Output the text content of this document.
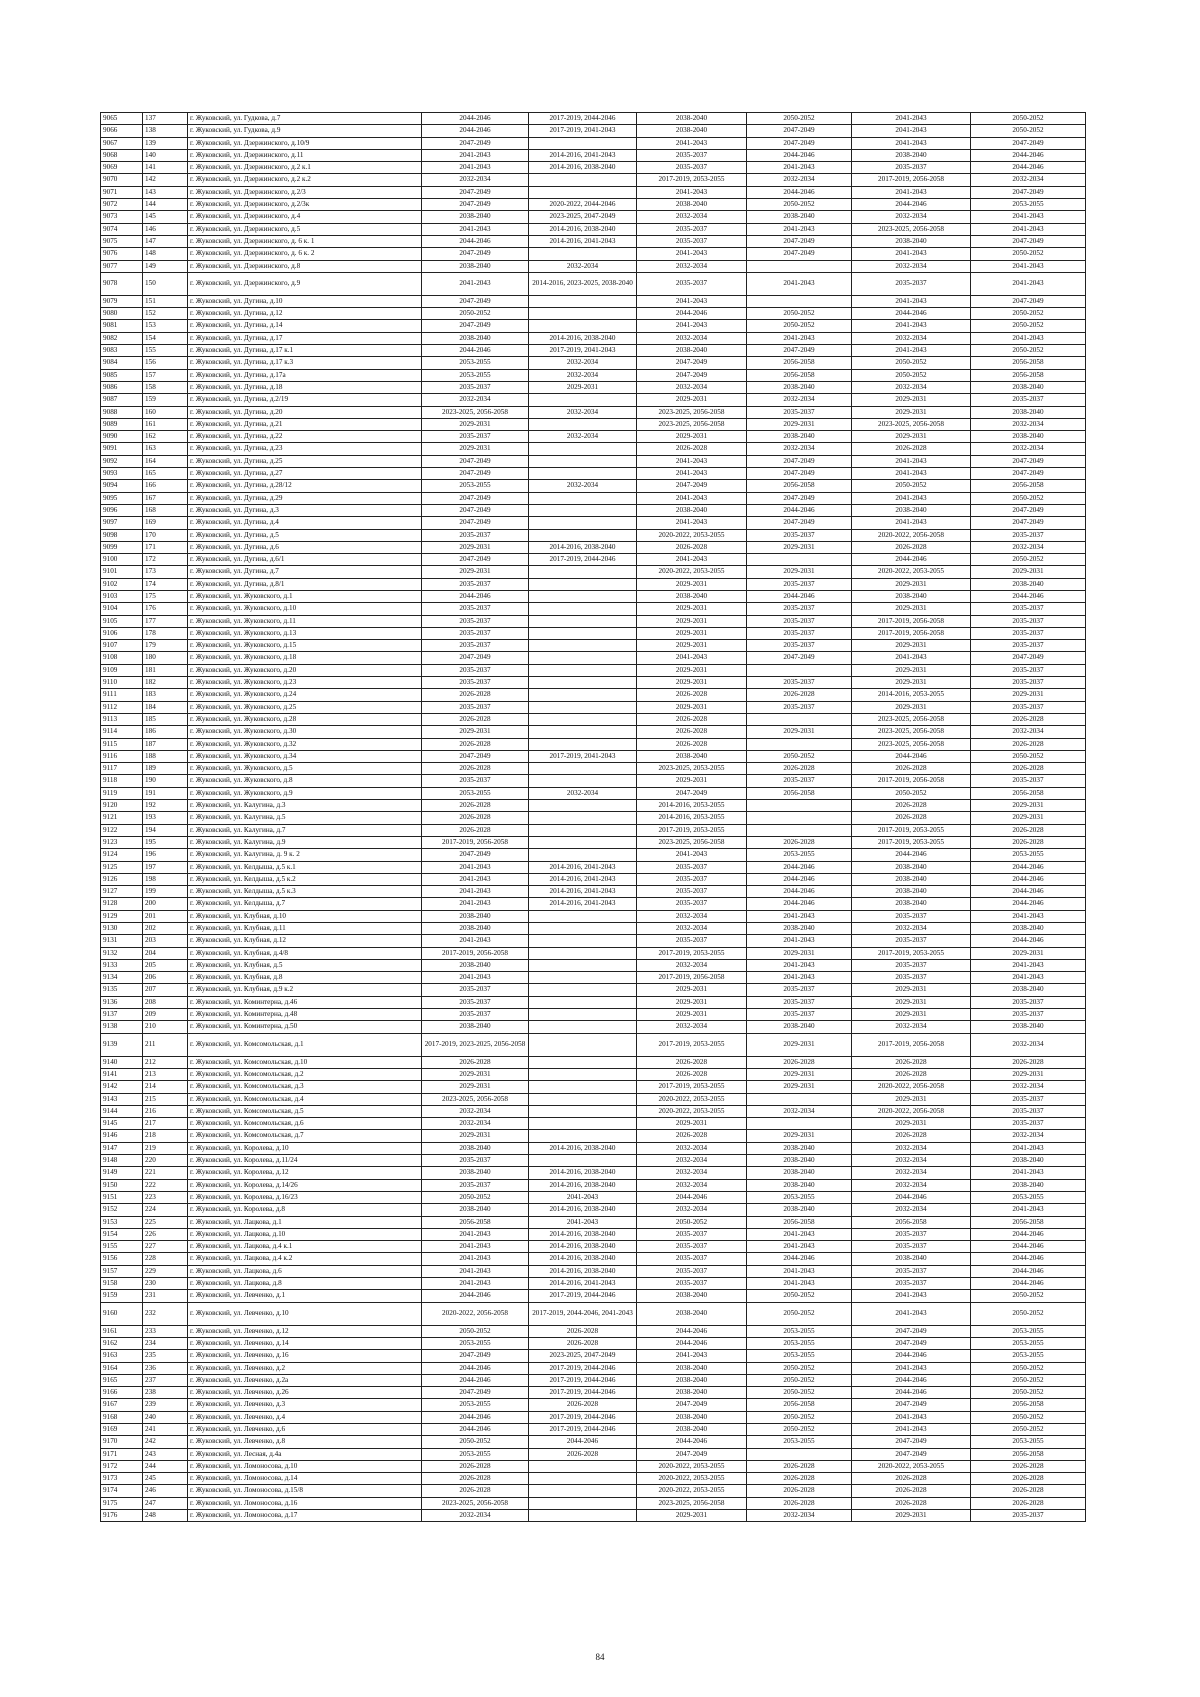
9065	137	г. Жуковский, ул. Гудкова, д.7	2044-2046	2017-2019, 2044-2046	2038-2040	2050-2052	2041-2043	2050-2052
9066	138	г. Жуковский, ул. Гудкова, д.9	2044-2046	2017-2019, 2041-2043	2038-2040	2047-2049	2041-2043	2050-2052
9067	139	г. Жуковский, ул. Дзержинского, д.10/9	2047-2049		2041-2043	2047-2049	2041-2043	2047-2049
9068	140	г. Жуковский, ул. Дзержинского, д.11	2041-2043	2014-2016, 2041-2043	2035-2037	2044-2046	2038-2040	2044-2046
9069	141	г. Жуковский, ул. Дзержинского, д.2 к.1	2041-2043	2014-2016, 2038-2040	2035-2037	2041-2043	2035-2037	2044-2046
9070	142	г. Жуковский, ул. Дзержинского, д.2 к.2	2032-2034		2017-2019, 2053-2055	2032-2034	2017-2019, 2056-2058	2032-2034
9071	143	г. Жуковский, ул. Дзержинского, д.2/3	2047-2049		2041-2043	2044-2046	2041-2043	2047-2049
9072	144	г. Жуковский, ул. Дзержинского, д.2/3к	2047-2049	2020-2022, 2044-2046	2038-2040	2050-2052	2044-2046	2053-2055
9073	145	г. Жуковский, ул. Дзержинского, д.4	2038-2040	2023-2025, 2047-2049	2032-2034	2038-2040	2032-2034	2041-2043
9074	146	г. Жуковский, ул. Дзержинского, д.5	2041-2043	2014-2016, 2038-2040	2035-2037	2041-2043	2023-2025, 2056-2058	2041-2043
9075	147	г. Жуковский, ул. Дзержинского, д. 6 к. 1	2044-2046	2014-2016, 2041-2043	2035-2037	2047-2049	2038-2040	2047-2049
9076	148	г. Жуковский, ул. Дзержинского, д. 6 к. 2	2047-2049		2041-2043	2047-2049	2041-2043	2050-2052
9077	149	г. Жуковский, ул. Дзержинского, д.8	2038-2040	2032-2034	2032-2034		2032-2034	2041-2043
9078	150	г. Жуковский, ул. Дзержинского, д.9	2041-2043	2014-2016, 2023-2025, 2038-2040	2035-2037	2041-2043	2035-2037	2041-2043
9079	151	г. Жуковский, ул. Дугина, д.10	2047-2049		2041-2043		2041-2043	2047-2049
9080	152	г. Жуковский, ул. Дугина, д.12	2050-2052		2044-2046	2050-2052	2044-2046	2050-2052
9081	153	г. Жуковский, ул. Дугина, д.14	2047-2049		2041-2043	2050-2052	2041-2043	2050-2052
9082	154	г. Жуковский, ул. Дугина, д.17	2038-2040	2014-2016, 2038-2040	2032-2034	2041-2043	2032-2034	2041-2043
9083	155	г. Жуковский, ул. Дугина, д.17 к.1	2044-2046	2017-2019, 2041-2043	2038-2040	2047-2049	2041-2043	2050-2052
9084	156	г. Жуковский, ул. Дугина, д.17 к.3	2053-2055	2032-2034	2047-2049	2056-2058	2050-2052	2056-2058
9085	157	г. Жуковский, ул. Дугина, д.17а	2053-2055	2032-2034	2047-2049	2056-2058	2050-2052	2056-2058
9086	158	г. Жуковский, ул. Дугина, д.18	2035-2037	2029-2031	2032-2034	2038-2040	2032-2034	2038-2040
9087	159	г. Жуковский, ул. Дугина, д.2/19	2032-2034		2029-2031	2032-2034	2029-2031	2035-2037
9088	160	г. Жуковский, ул. Дугина, д.20	2023-2025, 2056-2058	2032-2034	2023-2025, 2056-2058	2035-2037	2029-2031	2038-2040
9089	161	г. Жуковский, ул. Дугина, д.21	2029-2031		2023-2025, 2056-2058	2029-2031	2023-2025, 2056-2058	2032-2034
9090	162	г. Жуковский, ул. Дугина, д.22	2035-2037	2032-2034	2029-2031	2038-2040	2029-2031	2038-2040
9091	163	г. Жуковский, ул. Дугина, д.23	2029-2031		2026-2028	2032-2034	2026-2028	2032-2034
9092	164	г. Жуковский, ул. Дугина, д.25	2047-2049		2041-2043	2047-2049	2041-2043	2047-2049
9093	165	г. Жуковский, ул. Дугина, д.27	2047-2049		2041-2043	2047-2049	2041-2043	2047-2049
9094	166	г. Жуковский, ул. Дугина, д.28/12	2053-2055	2032-2034	2047-2049	2056-2058	2050-2052	2056-2058
9095	167	г. Жуковский, ул. Дугина, д.29	2047-2049		2041-2043	2047-2049	2041-2043	2050-2052
9096	168	г. Жуковский, ул. Дугина, д.3	2047-2049		2038-2040	2044-2046	2038-2040	2047-2049
9097	169	г. Жуковский, ул. Дугина, д.4	2047-2049		2041-2043	2047-2049	2041-2043	2047-2049
9098	170	г. Жуковский, ул. Дугина, д.5	2035-2037		2020-2022, 2053-2055	2035-2037	2020-2022, 2056-2058	2035-2037
9099	171	г. Жуковский, ул. Дугина, д.6	2029-2031	2014-2016, 2038-2040	2026-2028	2029-2031	2026-2028	2032-2034
9100	172	г. Жуковский, ул. Дугина, д.6/1	2047-2049	2017-2019, 2044-2046	2041-2043		2044-2046	2050-2052
9101	173	г. Жуковский, ул. Дугина, д.7	2029-2031		2020-2022, 2053-2055	2029-2031	2020-2022, 2053-2055	2029-2031
9102	174	г. Жуковский, ул. Дугина, д.8/1	2035-2037		2029-2031	2035-2037	2029-2031	2038-2040
9103	175	г. Жуковский, ул. Жуковского, д.1	2044-2046		2038-2040	2044-2046	2038-2040	2044-2046
9104	176	г. Жуковский, ул. Жуковского, д.10	2035-2037		2029-2031	2035-2037	2029-2031	2035-2037
9105	177	г. Жуковский, ул. Жуковского, д.11	2035-2037		2029-2031	2035-2037	2017-2019, 2056-2058	2035-2037
9106	178	г. Жуковский, ул. Жуковского, д.13	2035-2037		2029-2031	2035-2037	2017-2019, 2056-2058	2035-2037
9107	179	г. Жуковский, ул. Жуковского, д.15	2035-2037		2029-2031	2035-2037	2029-2031	2035-2037
9108	180	г. Жуковский, ул. Жуковского, д.18	2047-2049		2041-2043	2047-2049	2041-2043	2047-2049
9109	181	г. Жуковский, ул. Жуковского, д.20	2035-2037		2029-2031		2029-2031	2035-2037
9110	182	г. Жуковский, ул. Жуковского, д.23	2035-2037		2029-2031	2035-2037	2029-2031	2035-2037
9111	183	г. Жуковский, ул. Жуковского, д.24	2026-2028		2026-2028	2026-2028	2014-2016, 2053-2055	2029-2031
9112	184	г. Жуковский, ул. Жуковского, д.25	2035-2037		2029-2031	2035-2037	2029-2031	2035-2037
9113	185	г. Жуковский, ул. Жуковского, д.28	2026-2028		2026-2028		2023-2025, 2056-2058	2026-2028
9114	186	г. Жуковский, ул. Жуковского, д.30	2029-2031		2026-2028	2029-2031	2023-2025, 2056-2058	2032-2034
9115	187	г. Жуковский, ул. Жуковского, д.32	2026-2028		2026-2028		2023-2025, 2056-2058	2026-2028
9116	188	г. Жуковский, ул. Жуковского, д.34	2047-2049	2017-2019, 2041-2043	2038-2040	2050-2052	2044-2046	2050-2052
9117	189	г. Жуковский, ул. Жуковского, д.5	2026-2028		2023-2025, 2053-2055	2026-2028	2026-2028	2026-2028
9118	190	г. Жуковский, ул. Жуковского, д.8	2035-2037		2029-2031	2035-2037	2017-2019, 2056-2058	2035-2037
9119	191	г. Жуковский, ул. Жуковского, д.9	2053-2055	2032-2034	2047-2049	2056-2058	2050-2052	2056-2058
9120	192	г. Жуковский, ул. Калугина, д.3	2026-2028		2014-2016, 2053-2055		2026-2028	2029-2031
9121	193	г. Жуковский, ул. Калугина, д.5	2026-2028		2014-2016, 2053-2055		2026-2028	2029-2031
9122	194	г. Жуковский, ул. Калугина, д.7	2026-2028		2017-2019, 2053-2055		2017-2019, 2053-2055	2026-2028
9123	195	г. Жуковский, ул. Калугина, д.9	2017-2019, 2056-2058		2023-2025, 2056-2058	2026-2028	2017-2019, 2053-2055	2026-2028
9124	196	г. Жуковский, ул. Калугина, д. 9 к. 2	2047-2049		2041-2043	2053-2055	2044-2046	2053-2055
9125	197	г. Жуковский, ул. Келдыша, д.5 к.1	2041-2043	2014-2016, 2041-2043	2035-2037	2044-2046	2038-2040	2044-2046
9126	198	г. Жуковский, ул. Келдыша, д.5 к.2	2041-2043	2014-2016, 2041-2043	2035-2037	2044-2046	2038-2040	2044-2046
9127	199	г. Жуковский, ул. Келдыша, д.5 к.3	2041-2043	2014-2016, 2041-2043	2035-2037	2044-2046	2038-2040	2044-2046
9128	200	г. Жуковский, ул. Келдыша, д.7	2041-2043	2014-2016, 2041-2043	2035-2037	2044-2046	2038-2040	2044-2046
9129	201	г. Жуковский, ул. Клубная, д.10	2038-2040		2032-2034	2041-2043	2035-2037	2041-2043
9130	202	г. Жуковский, ул. Клубная, д.11	2038-2040		2032-2034	2038-2040	2032-2034	2038-2040
9131	203	г. Жуковский, ул. Клубная, д.12	2041-2043		2035-2037	2041-2043	2035-2037	2044-2046
9132	204	г. Жуковский, ул. Клубная, д.4/8	2017-2019, 2056-2058		2017-2019, 2053-2055	2029-2031	2017-2019, 2053-2055	2029-2031
9133	205	г. Жуковский, ул. Клубная, д.5	2038-2040		2032-2034	2041-2043	2035-2037	2041-2043
9134	206	г. Жуковский, ул. Клубная, д.8	2041-2043		2017-2019, 2056-2058	2041-2043	2035-2037	2041-2043
9135	207	г. Жуковский, ул. Клубная, д.9 к.2	2035-2037		2029-2031	2035-2037	2029-2031	2038-2040
9136	208	г. Жуковский, ул. Коминтерна, д.46	2035-2037		2029-2031	2035-2037	2029-2031	2035-2037
9137	209	г. Жуковский, ул. Коминтерна, д.48	2035-2037		2029-2031	2035-2037	2029-2031	2035-2037
9138	210	г. Жуковский, ул. Коминтерна, д.50	2038-2040		2032-2034	2038-2040	2032-2034	2038-2040
9139	211	г. Жуковский, ул. Комсомольская, д.1	2017-2019, 2023-2025, 2056-2058		2017-2019, 2053-2055	2029-2031	2017-2019, 2056-2058	2032-2034
9140	212	г. Жуковский, ул. Комсомольская, д.10	2026-2028		2026-2028	2026-2028	2026-2028	2026-2028
9141	213	г. Жуковский, ул. Комсомольская, д.2	2029-2031		2026-2028	2029-2031	2026-2028	2029-2031
9142	214	г. Жуковский, ул. Комсомольская, д.3	2029-2031		2017-2019, 2053-2055	2029-2031	2020-2022, 2056-2058	2032-2034
9143	215	г. Жуковский, ул. Комсомольская, д.4	2023-2025, 2056-2058		2020-2022, 2053-2055		2029-2031	2035-2037
9144	216	г. Жуковский, ул. Комсомольская, д.5	2032-2034		2020-2022, 2053-2055	2032-2034	2020-2022, 2056-2058	2035-2037
9145	217	г. Жуковский, ул. Комсомольская, д.6	2032-2034		2029-2031		2029-2031	2035-2037
9146	218	г. Жуковский, ул. Комсомольская, д.7	2029-2031		2026-2028	2029-2031	2026-2028	2032-2034
9147	219	г. Жуковский, ул. Королева, д.10	2038-2040	2014-2016, 2038-2040	2032-2034	2038-2040	2032-2034	2041-2043
9148	220	г. Жуковский, ул. Королева, д.11/24	2035-2037		2032-2034	2038-2040	2032-2034	2038-2040
9149	221	г. Жуковский, ул. Королева, д.12	2038-2040	2014-2016, 2038-2040	2032-2034	2038-2040	2032-2034	2041-2043
9150	222	г. Жуковский, ул. Королева, д.14/26	2035-2037	2014-2016, 2038-2040	2032-2034	2038-2040	2032-2034	2038-2040
9151	223	г. Жуковский, ул. Королева, д.16/23	2050-2052	2041-2043	2044-2046	2053-2055	2044-2046	2053-2055
9152	224	г. Жуковский, ул. Королева, д.8	2038-2040	2014-2016, 2038-2040	2032-2034	2038-2040	2032-2034	2041-2043
9153	225	г. Жуковский, ул. Лацкова, д.1	2056-2058	2041-2043	2050-2052	2056-2058	2056-2058	2056-2058
9154	226	г. Жуковский, ул. Лацкова, д.10	2041-2043	2014-2016, 2038-2040	2035-2037	2041-2043	2035-2037	2044-2046
9155	227	г. Жуковский, ул. Лацкова, д.4 к.1	2041-2043	2014-2016, 2038-2040	2035-2037	2041-2043	2035-2037	2044-2046
9156	228	г. Жуковский, ул. Лацкова, д.4 к.2	2041-2043	2014-2016, 2038-2040	2035-2037	2044-2046	2038-2040	2044-2046
9157	229	г. Жуковский, ул. Лацкова, д.6	2041-2043	2014-2016, 2038-2040	2035-2037	2041-2043	2035-2037	2044-2046
9158	230	г. Жуковский, ул. Лацкова, д.8	2041-2043	2014-2016, 2041-2043	2035-2037	2041-2043	2035-2037	2044-2046
9159	231	г. Жуковский, ул. Левченко, д.1	2044-2046	2017-2019, 2044-2046	2038-2040	2050-2052	2041-2043	2050-2052
9160	232	г. Жуковский, ул. Левченко, д.10	2020-2022, 2056-2058	2017-2019, 2044-2046, 2041-2043	2038-2040	2050-2052	2041-2043	2050-2052
9161	233	г. Жуковский, ул. Левченко, д.12	2050-2052	2026-2028	2044-2046	2053-2055	2047-2049	2053-2055
9162	234	г. Жуковский, ул. Левченко, д.14	2053-2055	2026-2028	2044-2046	2053-2055	2047-2049	2053-2055
9163	235	г. Жуковский, ул. Левченко, д.16	2047-2049	2023-2025, 2047-2049	2041-2043	2053-2055	2044-2046	2053-2055
9164	236	г. Жуковский, ул. Левченко, д.2	2044-2046	2017-2019, 2044-2046	2038-2040	2050-2052	2041-2043	2050-2052
9165	237	г. Жуковский, ул. Левченко, д.2а	2044-2046	2017-2019, 2044-2046	2038-2040	2050-2052	2044-2046	2050-2052
9166	238	г. Жуковский, ул. Левченко, д.26	2047-2049	2017-2019, 2044-2046	2038-2040	2050-2052	2044-2046	2050-2052
9167	239	г. Жуковский, ул. Левченко, д.3	2053-2055	2026-2028	2047-2049	2056-2058	2047-2049	2056-2058
9168	240	г. Жуковский, ул. Левченко, д.4	2044-2046	2017-2019, 2044-2046	2038-2040	2050-2052	2041-2043	2050-2052
9169	241	г. Жуковский, ул. Левченко, д.6	2044-2046	2017-2019, 2044-2046	2038-2040	2050-2052	2041-2043	2050-2052
9170	242	г. Жуковский, ул. Левченко, д.8	2050-2052	2044-2046	2044-2046	2053-2055	2047-2049	2053-2055
9171	243	г. Жуковский, ул. Лесная, д.4а	2053-2055	2026-2028	2047-2049		2047-2049	2056-2058
9172	244	г. Жуковский, ул. Ломоносова, д.10	2026-2028		2020-2022, 2053-2055	2026-2028	2020-2022, 2053-2055	2026-2028
9173	245	г. Жуковский, ул. Ломоносова, д.14	2026-2028		2020-2022, 2053-2055	2026-2028	2026-2028	2026-2028
9174	246	г. Жуковский, ул. Ломоносова, д.15/8	2026-2028		2020-2022, 2053-2055	2026-2028	2026-2028	2026-2028
9175	247	г. Жуковский, ул. Ломоносова, д.16	2023-2025, 2056-2058		2023-2025, 2056-2058	2026-2028	2026-2028	2026-2028
9176	248	г. Жуковский, ул. Ломоносова, д.17	2032-2034		2029-2031	2032-2034	2029-2031	2035-2037
84
